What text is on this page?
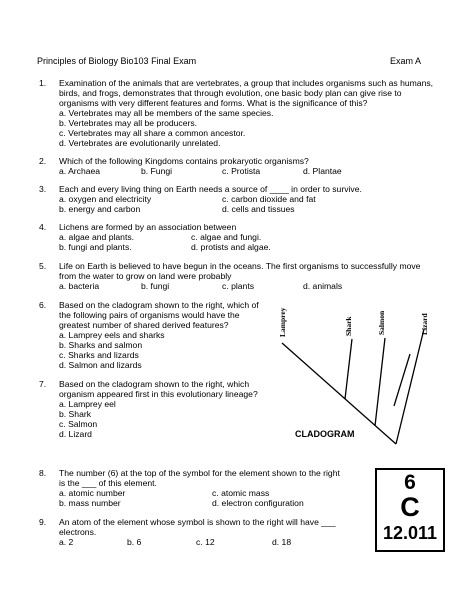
Principles of Biology Bio103 Final Exam	Exam A
1. Examination of the animals that are vertebrates, a group that includes organisms such as humans,
birds, and frogs, demonstrates that through evolution, one basic body plan can give rise to
organisms with very different features and forms. What is the significance of this?
a. Vertebrates may all be members of the same species.
b. Vertebrates may all be producers.
c. Vertebrates may all share a common ancestor.
d. Vertebrates are evolutionarily unrelated.
2. Which of the following Kingdoms contains prokaryotic organisms?
a. Archaea	b. Fungi	c. Protista	d. Plantae
3. Each and every living thing on Earth needs a source of ____ in order to survive.
a. oxygen and electricity	c. carbon dioxide and fat
b. energy and carbon	d. cells and tissues
4. Lichens are formed by an association between
a. algae and plants.	c. algae and fungi.
b. fungi and plants.	d. protists and algae.
5. Life on Earth is believed to have begun in the oceans. The first organisms to successfully move
from the water to grow on land were probably
a. bacteria	b. fungi	c. plants	d. animals
6. Based on the cladogram shown to the right, which of
the following pairs of organisms would have the
greatest number of shared derived features?
a. Lamprey eels and sharks
b. Sharks and salmon
c. Sharks and lizards
d. Salmon and lizards
7. Based on the cladogram shown to the right, which
organism appeared first in this evolutionary lineage?
a. Lamprey eel
b. Shark
c. Salmon
d. Lizard
Lamprey	Shark	Salmon	Lizard
CLADOGRAM
8. The number (6) at the top of the symbol for the element shown to the right
is the ___ of this element.
a. atomic number	c. atomic mass
b. mass number	d. electron configuration
9. An atom of the element whose symbol is shown to the right will have ___
electrons.
a. 2	b. 6	c. 12	d. 18
6
C
12.011
